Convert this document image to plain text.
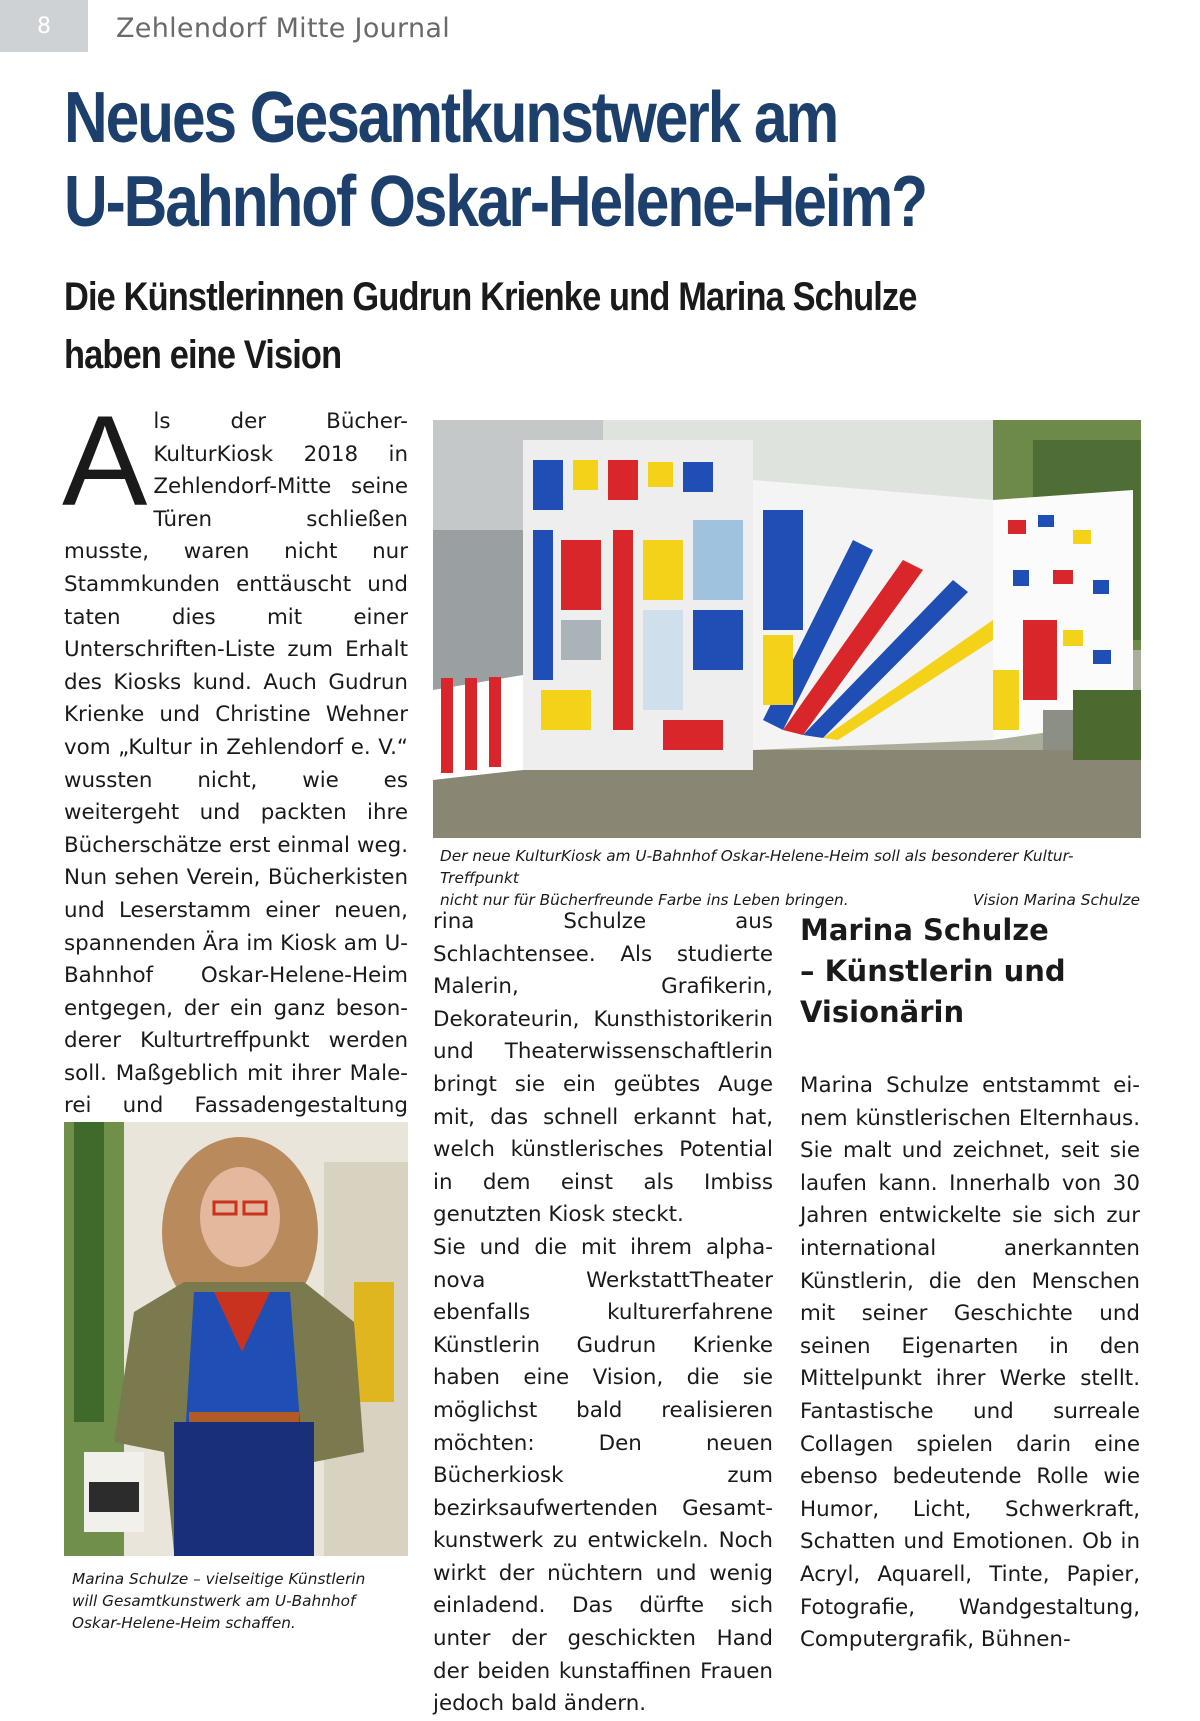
8 Zehlendorf Mitte Journal
Neues Gesamtkunstwerk am
U-Bahnhof Oskar-Helene-Heim?
Die Künstlerinnen Gudrun Krienke und Marina Schulze
haben eine Vision
A ls der Bücher-KulturKiosk 2018 in Zehlendorf-Mitte seine Türen schließen musste, waren nicht nur Stammkunden enttäuscht und taten dies mit einer Unterschriften-Liste zum Erhalt des Kiosks kund. Auch Gudrun Krienke und Christine Wehner vom „Kultur in Zehlendorf e. V.“ wussten nicht, wie es weitergeht und packten ihre Bücherschätze erst einmal weg. Nun sehen Verein, Bücherkisten und Leserstamm einer neuen, spannenden Ära im Kiosk am U-Bahnhof Oskar-Helene-Heim entgegen, der ein ganz besonderer Kulturtreffpunkt werden soll. Maßgeblich mit ihrer Malerei und Fassadengestaltung

Der neue KulturKiosk am U-Bahnhof Oskar-Helene-Heim soll als besonderer Kultur-Treffpunkt
nicht nur für Bücherfreunde Farbe ins Leben bringen.	Vision Marina Schulze
Marina Schulze – vielseitige Künstlerin will Gesamtkunstwerk am U-Bahnhof Oskar-Helene-Heim schaffen.

rina Schulze aus Schlachtensee. Als studierte Malerin, Grafikerin, Dekorateurin, Kunsthistorikerin und Theaterwissenschaftlerin bringt sie ein geübtes Auge mit, das schnell erkannt hat, welch künstlerisches Potential in dem einst als Imbiss genutzten Kiosk steckt.

Sie und die mit ihrem alpha-nova WerkstattTheater ebenfalls kulturerfahrene Künstlerin Gudrun Krienke haben eine Vision, die sie möglichst bald realisieren möchten: Den neuen Bücherkiosk zum bezirksaufwertenden Gesamtkunstwerk zu entwickeln. Noch wirkt der nüchtern und wenig einladend. Das dürfte sich unter der geschickten Hand der beiden kunstaffinen Frauen jedoch bald ändern.

Marina Schulze
– Künstlerin und
Visionärin

Marina Schulze entstammt einem künstlerischen Elternhaus. Sie malt und zeichnet, seit sie laufen kann. Innerhalb von 30 Jahren entwickelte sie sich zur international anerkannten Künstlerin, die den Menschen mit seiner Geschichte und seinen Eigenarten in den Mittelpunkt ihrer Werke stellt. Fantastische und surreale Collagen spielen darin eine ebenso bedeutende Rolle wie Humor, Licht, Schwerkraft, Schatten und Emotionen. Ob in Acryl, Aquarell, Tinte, Papier, Fotografie, Wandgestaltung, Computergrafik, Bühnen-
